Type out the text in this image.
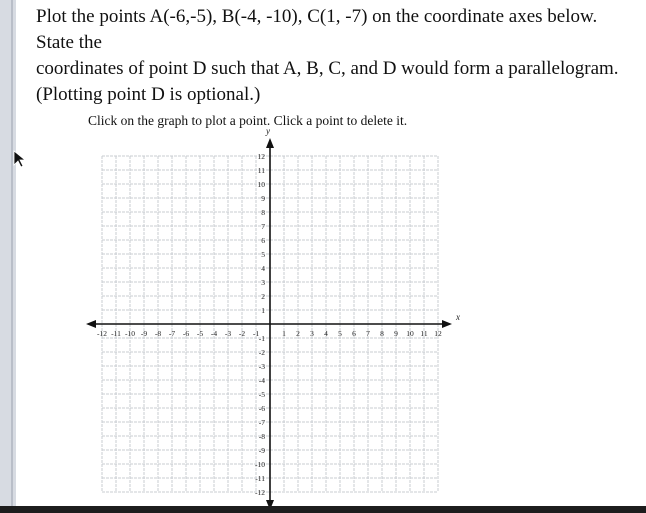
Plot the points A(-6,-5), B(-4, -10), C(1, -7) on the coordinate axes below. State the

coordinates of point D such that A, B, C, and D would form a parallelogram.

(Plotting point D is optional.)

Click on the graph to plot a point. Click a point to delete it.
x
y
-12 -11 -10 -9 -8 -7 -6 -5 -4 -3 -2 -1	1 2 3 4 5 6 7 8 9 10 11 12
12
11
10
9
8
7
6
5
4
3
2
1
-1
-2
-3
-4
-5
-6
-7
-8
-9
-10
-11
-12
